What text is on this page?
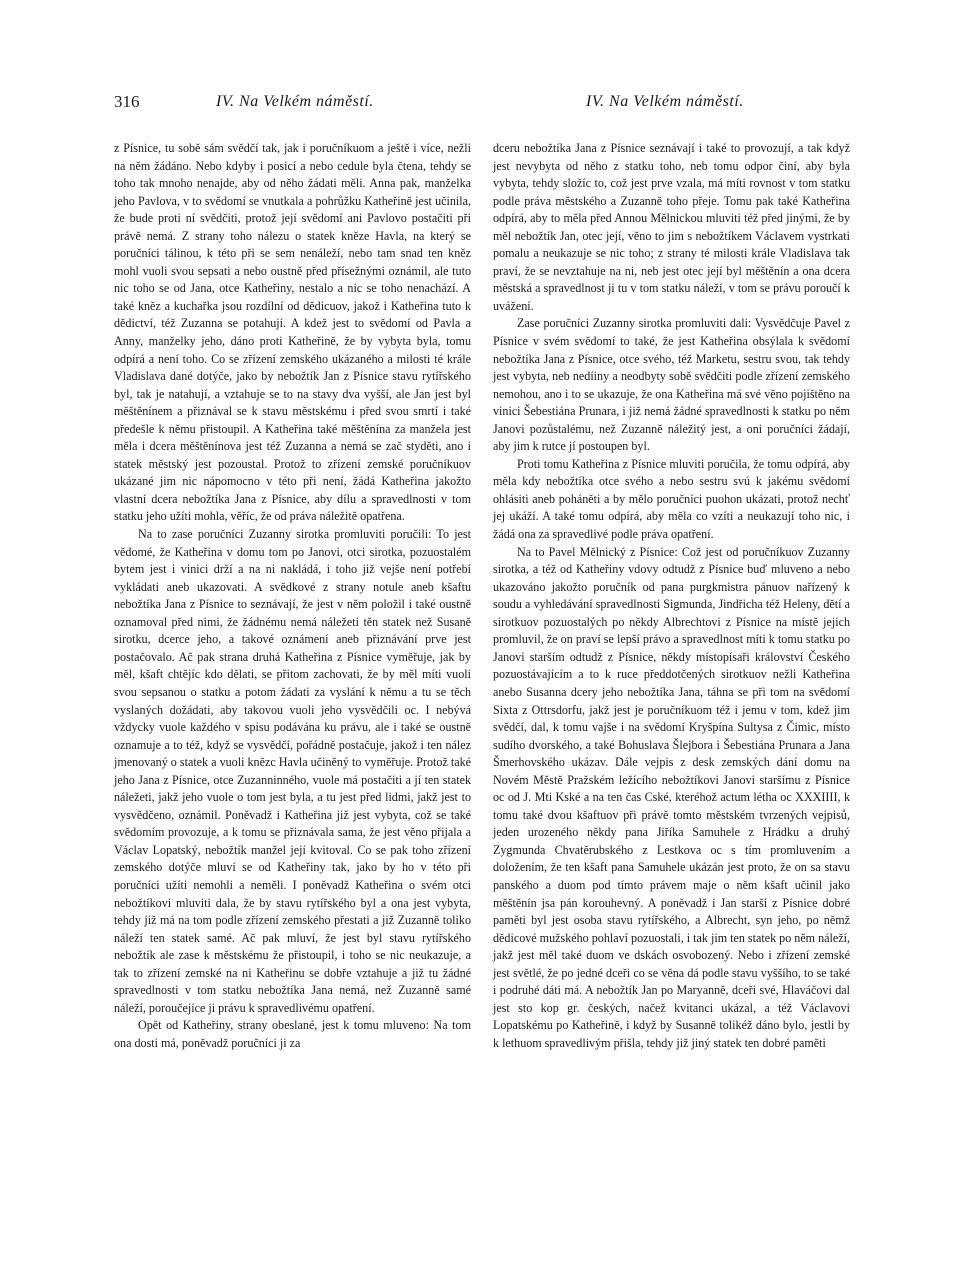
316	IV. Na Velkém náměstí.	IV. Na Velkém náměstí.

z Písnice, tu sobě sám svědčí tak, jak i poručníkuom a ještě i více, nežli na něm žádáno. Nebo kdyby i posicí a nebo cedule byla čtena, tehdy se toho tak mnoho nenajde, aby od něho žádati měli. Anna pak, manželka jeho Pavlova, v to svědomí se vnutkala a pohrůžku Katheřině jest učinila, že bude proti ní svědčiti, protož její svědomí ani Pavlovo postačiti při právě nemá. Z strany toho nálezu o statek kněze Havla, na který se poručníci tálinou, k této při se sem nenáleží, nebo tam snad ten kněz mohl vuoli svou sepsati a nebo oustně před přísežnými oznámil, ale tuto nic toho se od Jana, otce Katheřiny, nestalo a nic se toho nenachází. A také kněz a kuchařka jsou rozdílní od dědicuov, jakož i Katheřina tuto k dědictví, též Zuzanna se potahují. A kdež jest to svědomí od Pavla a Anny, manželky jeho, dáno proti Katheřině, že by vybyta byla, tomu odpírá a není toho. Co se zřízení zemského ukázaného a milosti té krále Vladislava dané dotýče, jako by nebožtík Jan z Písnice stavu rytířského byl, tak je natahují, a vztahuje se to na stavy dva vyšší, ale Jan jest byl měštěnínem a přiznával se k stavu městskému i před svou smrtí i také předešle k němu přistoupil. A Katheřina také měštěnína za manžela jest měla i dcera měštěnínova jest též Zuzanna a nemá se zač styděti, ano i statek městský jest pozoustal. Protož to zřízení zemské poručníkuov ukázané jim nic nápomocno v této při není, žádá Katheřina jakožto vlastní dcera nebožtíka Jana z Písnice, aby dílu a spravedlnosti v tom statku jeho užíti mohla, věříc, že od práva náležitě opatřena.

Na to zase poručníci Zuzanny sirotka promluviti poručili: To jest vědomé, že Katheřina v domu tom po Janovi, otci sirotka, pozuostalém bytem jest i vinici drží a na ni nakládá, i toho již vejše není potřebí vykládati aneb ukazovati. A svědkové z strany notule aneb kšaftu nebožtíka Jana z Písnice to seznávají, že jest v něm položil i také oustně oznamoval před nimi, že žádnému nemá náležeti těn statek než Susaně sirotku, dcerce jeho, a takové oznámení aneb přiznávání prve jest postačovalo. Ač pak strana druhá Katheřina z Písnice vyměřuje, jak by měl, kšaft chtějíc kdo dělati, se přitom zachovati, že by měl míti vuoli svou sepsanou o statku a potom žádati za vyslání k němu a tu se těch vyslaných dožádati, aby takovou vuoli jeho vysvědčili oc. I nebývá vždycky vuole každého v spisu podávána ku právu, ale i také se oustně oznamuje a to též, když se vysvědčí, pořádně postačuje, jakož i ten nález jmenovaný o statek a vuoli knězc Havla učiněný to vyměřuje. Protož také jeho Jana z Písnice, otce Zuzanninného, vuole má postačiti a jí ten statek náležeti, jakž jeho vuole o tom jest byla, a tu jest před lidmi, jakž jest to vysvědčeno, oznámil. Poněvadž i Katheřina již jest vybyta, což se také svědomím provozuje, a k tomu se přiznávala sama, že jest věno přijala a Václav Lopatský, nebožtík manžel její kvitoval. Co se pak toho zřízení zemského dotýče mluví se od Katheřiny tak, jako by ho v této při poručníci užíti nemohli a neměli. I poněvadž Katheřina o svém otci nebožtíkovi mluviti dala, že by stavu rytířského byl a ona jest vybyta, tehdy již má na tom podle zřízení zemského přestati a již Zuzanně toliko náleží ten statek samé. Ač pak mluví, že jest byl stavu rytířského nebožtík ale zase k městskému že přistoupil, i toho se nic neukazuje, a tak to zřízení zemské na ni Katheřinu se dobře vztahuje a již tu žádné spravedlnosti v tom statku nebožtíka Jana nemá, než Zuzanně samé náleží, poroučejíce ji právu k spravedlivému opatření.

Opět od Katheřiny, strany obeslané, jest k tomu mluveno: Na tom ona dosti má, poněvadž poručníci ji za

dceru nebožtíka Jana z Písnice seznávají i také to provozují, a tak když jest nevybyta od něho z statku toho, neb tomu odpor činí, aby byla vybyta, tehdy složíc to, což jest prve vzala, má míti rovnost v tom statku podle práva městského a Zuzanně toho přeje. Tomu pak také Katheřina odpírá, aby to měla před Annou Mělnickou mluviti též před jinými, že by měl nebožtík Jan, otec její, věno to jim s nebožtíkem Václavem vystrkati pomalu a neukazuje se nic toho; z strany té milosti krále Vladislava tak praví, že se nevztahuje na ni, neb jest otec její byl měštěnín a ona dcera městská a spravedlnost ji tu v tom statku náleží, v tom se právu poroučí k uvážení.

Zase poručníci Zuzanny sirotka promluviti dali: Vysvědčuje Pavel z Písnice v svém svědomí to také, že jest Katheřina obsýlala k svědomí nebožtíka Jana z Písnice, otce svého, též Marketu, sestru svou, tak tehdy jest vybyta, neb nedíiny a neodbyty sobě svědčiti podle zřízení zemského nemohou, ano i to se ukazuje, že ona Katheřina má své věno pojištěno na vinici Šebestiána Prunara, i již nemá žádné spravedlnosti k statku po něm Janovi pozůstalému, než Zuzanně náležitý jest, a oni poručníci žádají, aby jim k rutce jí postoupen byl.

Proti tomu Katheřina z Písnice mluviti poručila, že tomu odpírá, aby měla kdy nebožtíka otce svého a nebo sestru svú k jakému svědomí ohlásiti aneb poháněti a by mělo poručníci puohon ukázati, protož nechť jej ukáží. A také tomu odpírá, aby měla co vzíti a neukazují toho nic, i žádá ona za spravedlivé podle práva opatření.

Na to Pavel Mělnický z Písnice: Což jest od poručníkuov Zuzanny sirotka, a též od Katheřiny vdovy odtudž z Písnice buď mluveno a nebo ukazováno jakožto poručník od pana purgkmistra pánuov nařízený k soudu a vyhledávání spravedlnosti Sigmunda, Jindřicha též Heleny, dětí a sirotkuov pozuostalých po někdy Albrechtovi z Písnice na místě jejich promluvil, že on praví se lepší právo a spravedlnost míti k tomu statku po Janovi starším odtudž z Písnice, někdy místopísaři království Českého pozuostávajícím a to k ruce předdotčených sirotkuov nežli Katheřina anebo Susanna dcery jeho nebožtíka Jana, táhna se při tom na svědomí Sixta z Ottrsdorfu, jakž jest je poručníkuom též i jemu v tom, kdež jim svědčí, dal, k tomu vajše i na svědomí Kryšpína Sultysa z Čimic, místo sudího dvorského, a také Bohuslava Šlejbora i Šebestiána Prunara a Jana Šmerhovského ukázav. Dále vejpis z desk zemských dání domu na Novém Městě Pražském ležícího nebožtíkovi Janovi staršímu z Písnice oc od J. Mti Kské a na ten čas Cské, kteréhož actum létha oc XXXIIII, k tomu také dvou kšaftuov při právě tomto městském tvrzených vejpisů, jeden urozeného někdy pana Jiříka Samuhele z Hrádku a druhý Zygmunda Chvatěrubského z Lestkova oc s tím promluvením a doložením, že ten kšaft pana Samuhele ukázán jest proto, že on sa stavu panského a duom pod tímto právem maje o něm kšaft učinil jako měštěnín jsa pán korouhevný. A poněvadž i Jan starší z Písnice dobré paměti byl jest osoba stavu rytířského, a Albrecht, syn jeho, po němž dědicové mužského pohlaví pozuostali, i tak jim ten statek po něm náleží, jakž jest měl také duom ve dskách osvobozený. Nebo i zřízení zemské jest světlé, že po jedné dceři co se věna dá podle stavu vyššího, to se také i podruhé dáti má. A nebožtík Jan po Maryanně, dceři své, Hlaváčovi dal jest sto kop gr. českých, načež kvitanci ukázal, a též Václavovi Lopatskému po Katheřině, i když by Susanně tolikéž dáno bylo, jestli by k lethuom spravedlivým přišla, tehdy již jiný statek ten dobré paměti
